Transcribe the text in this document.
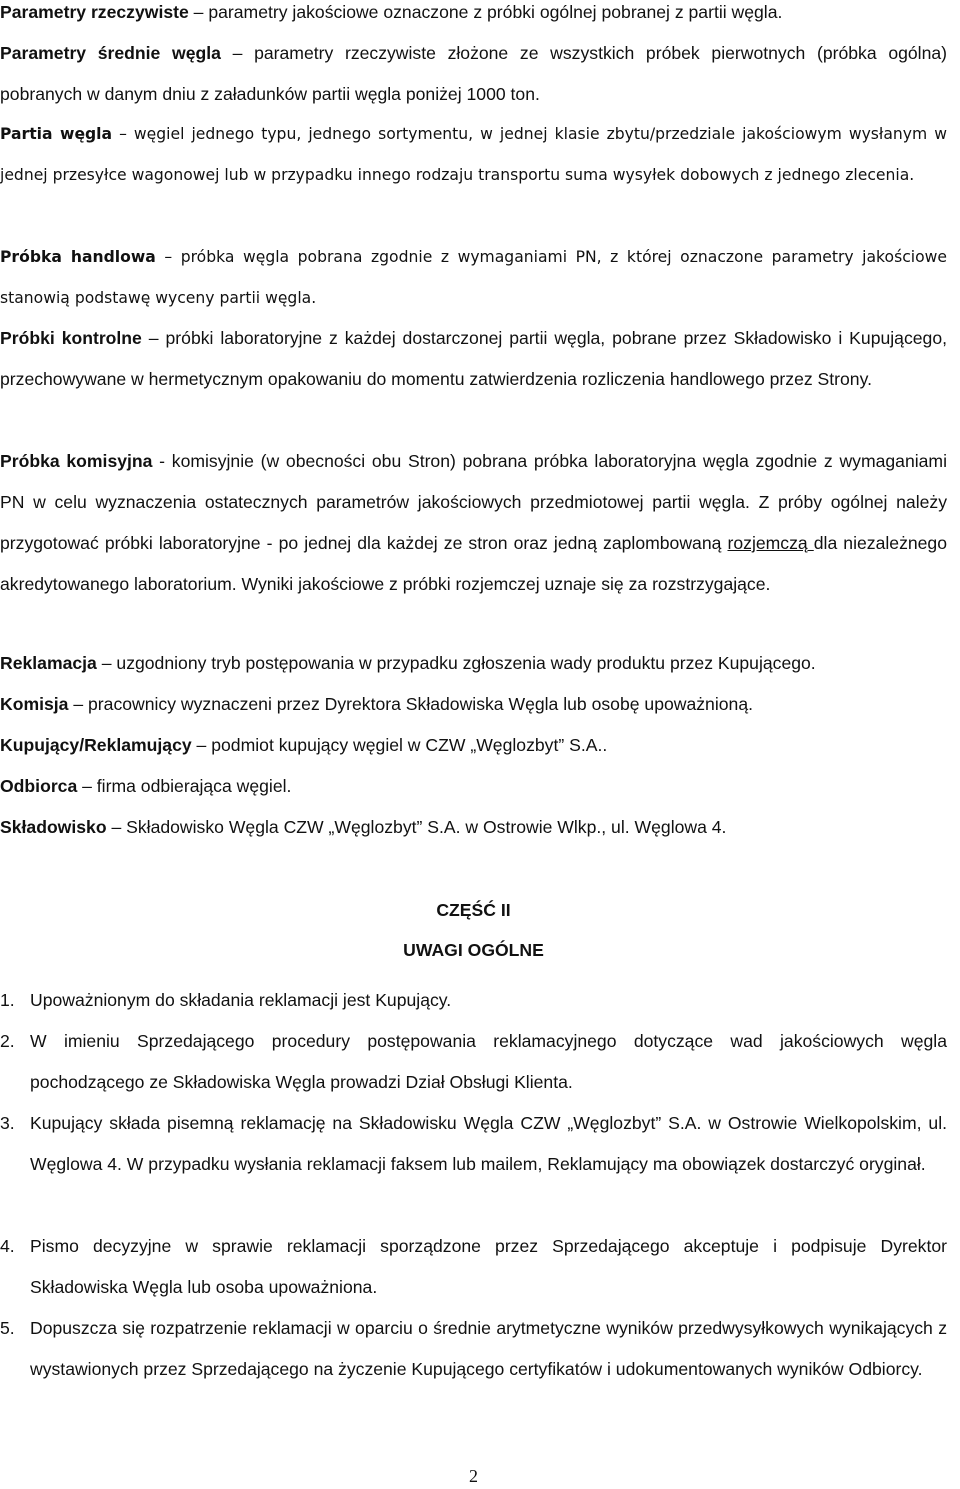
Parametry rzeczywiste – parametry jakościowe oznaczone z próbki ogólnej pobranej z partii węgla.

Parametry średnie węgla – parametry rzeczywiste złożone ze wszystkich próbek pierwotnych (próbka ogólna) pobranych w danym dniu z załadunków partii węgla poniżej 1000 ton.

Partia węgla – węgiel jednego typu, jednego sortymentu, w jednej klasie zbytu/przedziale jakościowym wysłanym w jednej przesyłce wagonowej lub w przypadku innego rodzaju transportu suma wysyłek dobowych z jednego zlecenia.

Próbka handlowa – próbka węgla pobrana zgodnie z wymaganiami PN, z której oznaczone parametry jakościowe stanowią podstawę wyceny partii węgla.

Próbki kontrolne – próbki laboratoryjne z każdej dostarczonej partii węgla, pobrane przez Składowisko i Kupującego, przechowywane w hermetycznym opakowaniu do momentu zatwierdzenia rozliczenia handlowego przez Strony.

Próbka komisyjna - komisyjnie (w obecności obu Stron) pobrana próbka laboratoryjna węgla zgodnie z wymaganiami PN w celu wyznaczenia ostatecznych parametrów jakościowych przedmiotowej partii węgla. Z próby ogólnej należy przygotować próbki laboratoryjne - po jednej dla każdej ze stron oraz jedną zaplombowaną rozjemczą dla niezależnego akredytowanego laboratorium. Wyniki jakościowe z próbki rozjemczej uznaje się za rozstrzygające.

Reklamacja – uzgodniony tryb postępowania w przypadku zgłoszenia wady produktu przez Kupującego.

Komisja – pracownicy wyznaczeni przez Dyrektora Składowiska Węgla lub osobę upoważnioną.

Kupujący/Reklamujący – podmiot kupujący węgiel w CZW „Węglozbyt” S.A..

Odbiorca – firma odbierająca węgiel.

Składowisko – Składowisko Węgla CZW „Węglozbyt” S.A. w Ostrowie Wlkp., ul. Węglowa 4.

CZĘŚĆ II
UWAGI OGÓLNE
1. Upoważnionym do składania reklamacji jest Kupujący.
2. W imieniu Sprzedającego procedury postępowania reklamacyjnego dotyczące wad jakościowych węgla pochodzącego ze Składowiska Węgla prowadzi Dział Obsługi Klienta.
3. Kupujący składa pisemną reklamację na Składowisku Węgla CZW „Węglozbyt” S.A. w Ostrowie Wielkopolskim, ul. Węglowa 4. W przypadku wysłania reklamacji faksem lub mailem, Reklamujący ma obowiązek dostarczyć oryginał.
4. Pismo decyzyjne w sprawie reklamacji sporządzone przez Sprzedającego akceptuje i podpisuje Dyrektor Składowiska Węgla lub osoba upoważniona.
5. Dopuszcza się rozpatrzenie reklamacji w oparciu o średnie arytmetyczne wyników przedwysyłkowych wynikających z wystawionych przez Sprzedającego na życzenie Kupującego certyfikatów i udokumentowanych wyników Odbiorcy.
2
